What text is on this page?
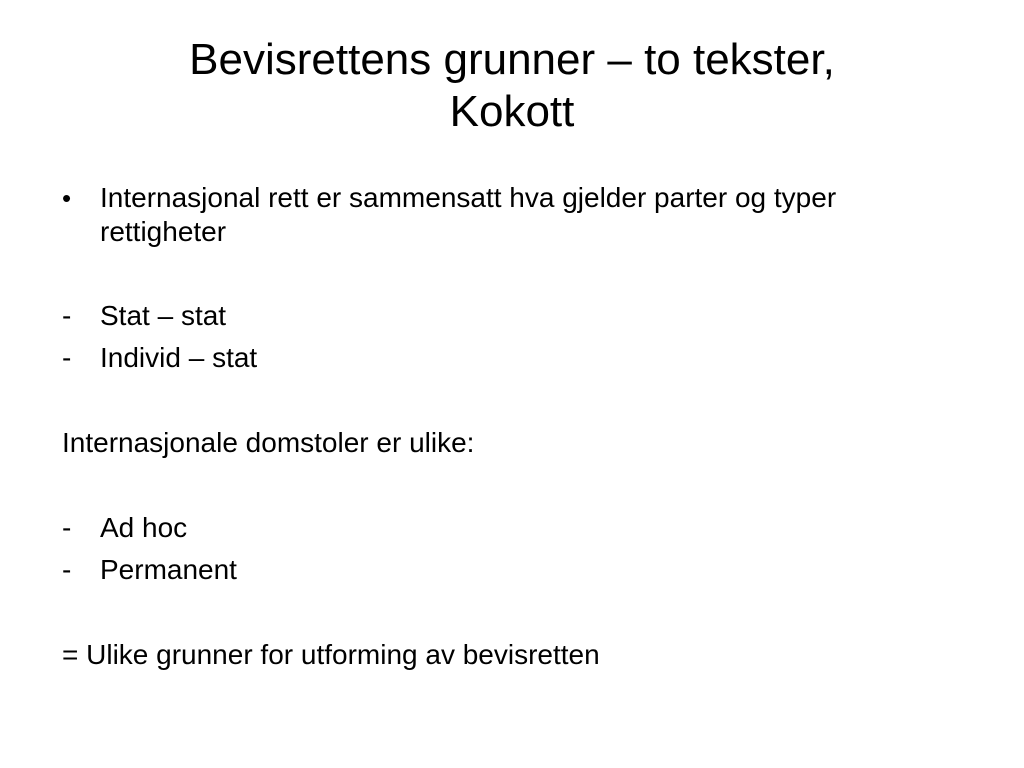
Bevisrettens grunner – to tekster,
Kokott
•	Internasjonal rett er sammensatt hva gjelder parter og typer rettigheter
-	Stat – stat
-	Individ – stat
Internasjonale domstoler er ulike:
-	Ad hoc
-	Permanent
= Ulike grunner for utforming av bevisretten
